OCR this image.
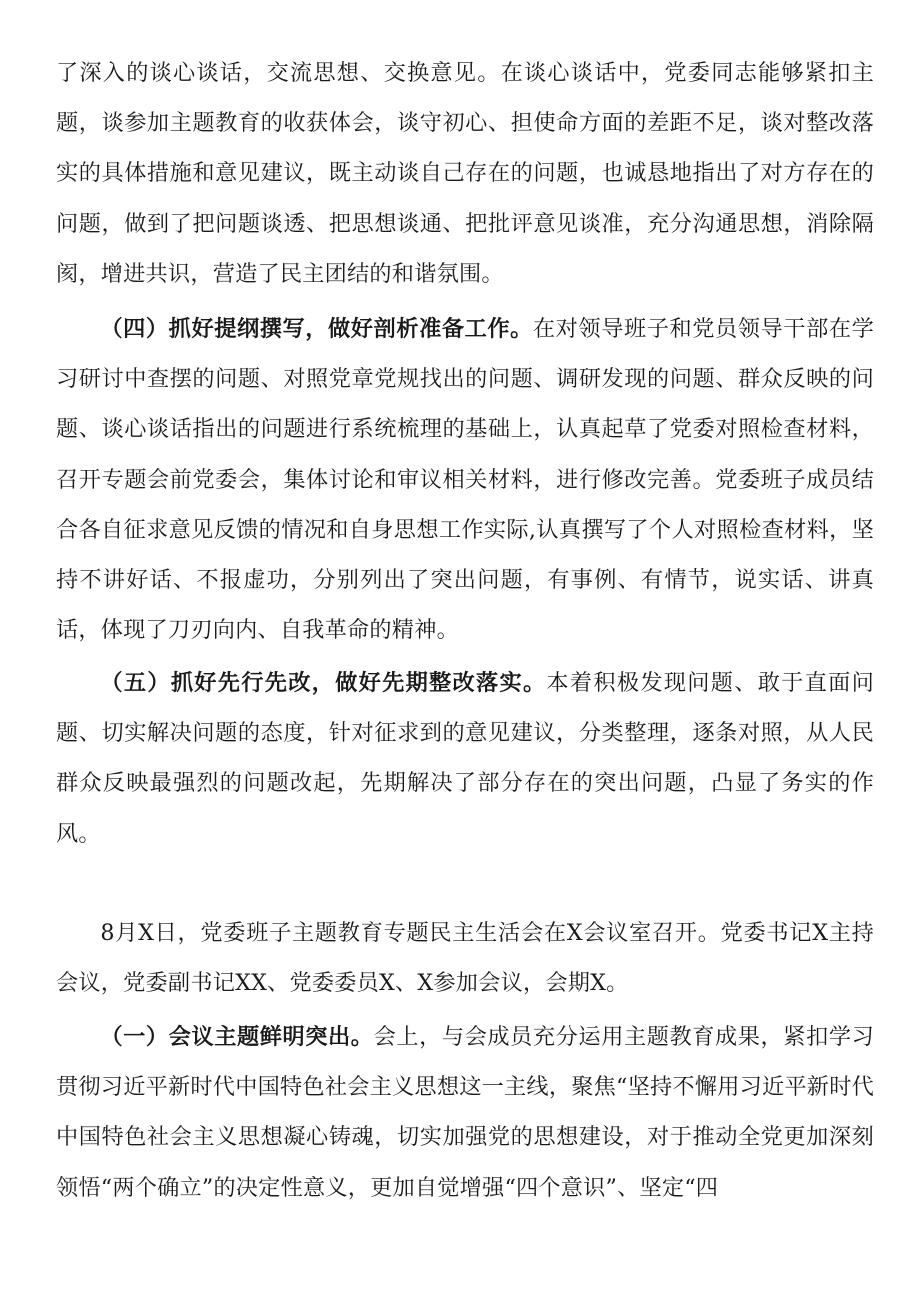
了深入的谈心谈话，交流思想、交换意见。在谈心谈话中，党委同志能够紧扣主题，谈参加主题教育的收获体会，谈守初心、担使命方面的差距不足，谈对整改落实的具体措施和意见建议，既主动谈自己存在的问题，也诚恳地指出了对方存在的问题，做到了把问题谈透、把思想谈通、把批评意见谈准，充分沟通思想，消除隔阂，增进共识，营造了民主团结的和谐氛围。

（四）抓好提纲撰写，做好剖析准备工作。在对领导班子和党员领导干部在学习研讨中查摆的问题、对照党章党规找出的问题、调研发现的问题、群众反映的问题、谈心谈话指出的问题进行系统梳理的基础上，认真起草了党委对照检查材料，召开专题会前党委会，集体讨论和审议相关材料，进行修改完善。党委班子成员结合各自征求意见反馈的情况和自身思想工作实际,认真撰写了个人对照检查材料，坚持不讲好话、不报虚功，分别列出了突出问题，有事例、有情节，说实话、讲真话，体现了刀刃向内、自我革命的精神。

（五）抓好先行先改，做好先期整改落实。本着积极发现问题、敢于直面问题、切实解决问题的态度，针对征求到的意见建议，分类整理，逐条对照，从人民群众反映最强烈的问题改起，先期解决了部分存在的突出问题，凸显了务实的作风。

8月X日，党委班子主题教育专题民主生活会在X会议室召开。党委书记X主持会议，党委副书记XX、党委委员X、X参加会议，会期X。

（一）会议主题鲜明突出。会上，与会成员充分运用主题教育成果，紧扣学习贯彻习近平新时代中国特色社会主义思想这一主线，聚焦“坚持不懈用习近平新时代中国特色社会主义思想凝心铸魂，切实加强党的思想建设，对于推动全党更加深刻领悟“两个确立”的决定性意义，更加自觉增强“四个意识”、坚定“四
